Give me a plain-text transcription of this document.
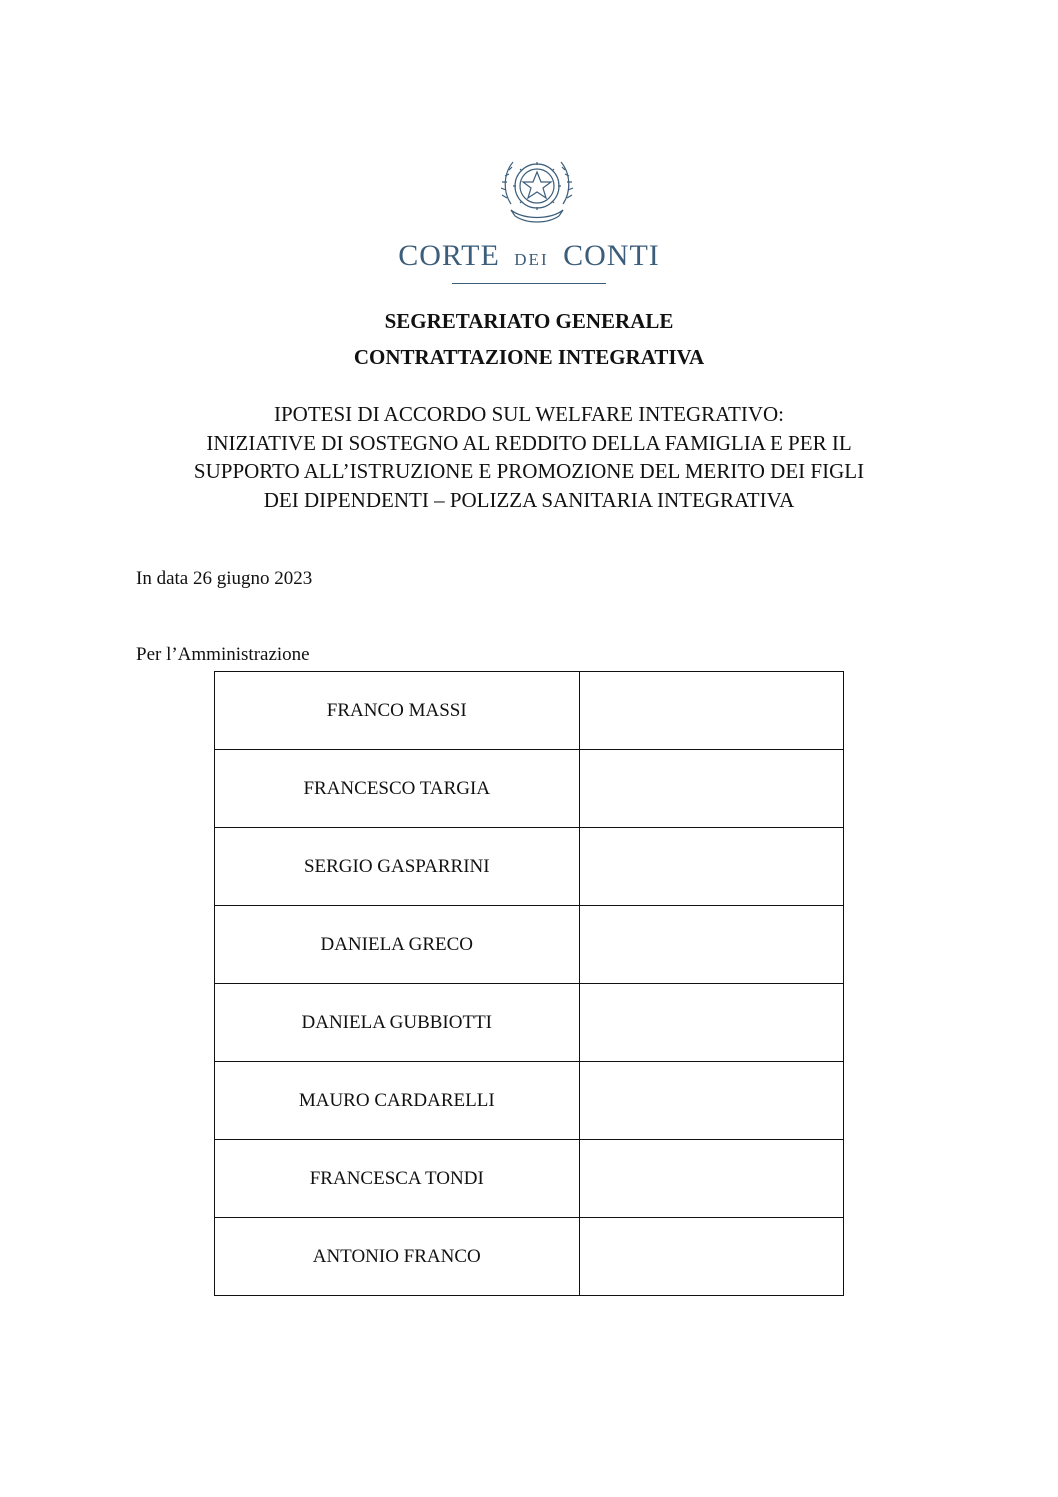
CORTE DEI CONTI
SEGRETARIATO GENERALE
CONTRATTAZIONE INTEGRATIVA
IPOTESI DI ACCORDO SUL WELFARE INTEGRATIVO:
INIZIATIVE DI SOSTEGNO AL REDDITO DELLA FAMIGLIA E PER IL
SUPPORTO ALL’ISTRUZIONE E PROMOZIONE DEL MERITO DEI FIGLI
DEI DIPENDENTI – POLIZZA SANITARIA INTEGRATIVA
In data 26 giugno 2023
Per l’Amministrazione
FRANCO MASSI	
FRANCESCO TARGIA	
SERGIO GASPARRINI	
DANIELA GRECO	
DANIELA GUBBIOTTI	
MAURO CARDARELLI	
FRANCESCA TONDI	
ANTONIO FRANCO	
